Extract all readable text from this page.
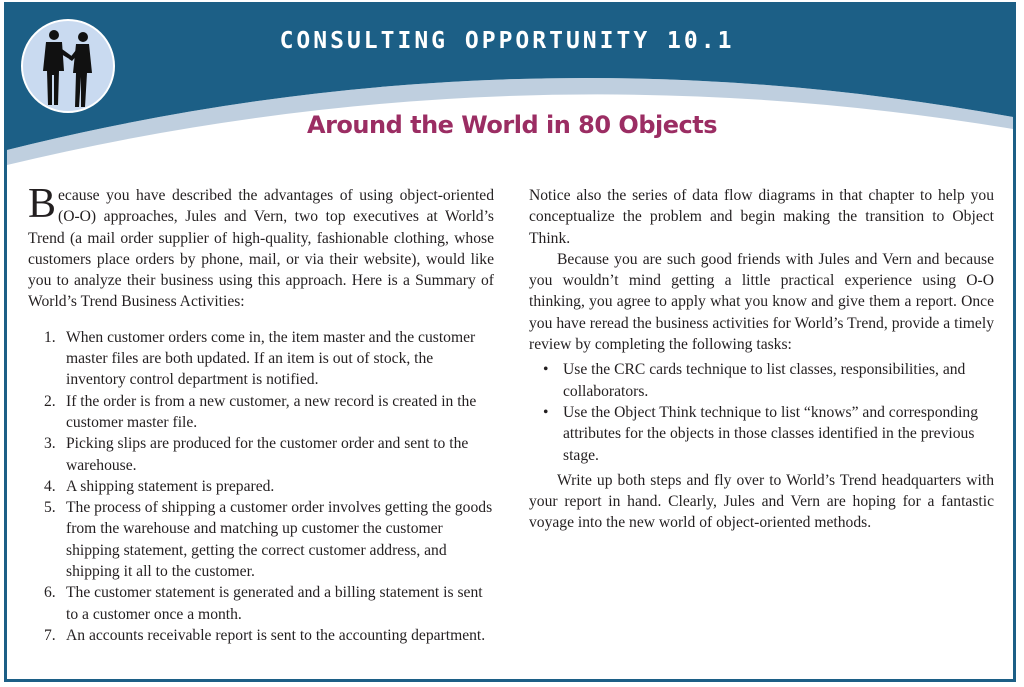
CONSULTING OPPORTUNITY 10.1
Around the World in 80 Objects

Because you have described the advantages of using object-oriented (O-O) approaches, Jules and Vern, two top executives at World’s Trend (a mail order supplier of high-quality, fashionable clothing, whose customers place orders by phone, mail, or via their website), would like you to analyze their business using this approach. Here is a Summary of World’s Trend Business Activities:

1. When customer orders come in, the item master and the customer master files are both updated. If an item is out of stock, the inventory control department is notified.
2. If the order is from a new customer, a new record is created in the customer master file.
3. Picking slips are produced for the customer order and sent to the warehouse.
4. A shipping statement is prepared.
5. The process of shipping a customer order involves getting the goods from the warehouse and matching up customer the customer shipping statement, getting the correct customer address, and shipping it all to the customer.
6. The customer statement is generated and a billing statement is sent to a customer once a month.
7. An accounts receivable report is sent to the accounting department.

Notice also the series of data flow diagrams in that chapter to help you conceptualize the problem and begin making the transition to Object Think.

Because you are such good friends with Jules and Vern and because you wouldn’t mind getting a little practical experience using O-O thinking, you agree to apply what you know and give them a report. Once you have reread the business activities for World’s Trend, provide a timely review by completing the following tasks:

• Use the CRC cards technique to list classes, responsibilities, and collaborators.
• Use the Object Think technique to list “knows” and corresponding attributes for the objects in those classes identified in the previous stage.

Write up both steps and fly over to World’s Trend headquarters with your report in hand. Clearly, Jules and Vern are hoping for a fantastic voyage into the new world of object-oriented methods.
